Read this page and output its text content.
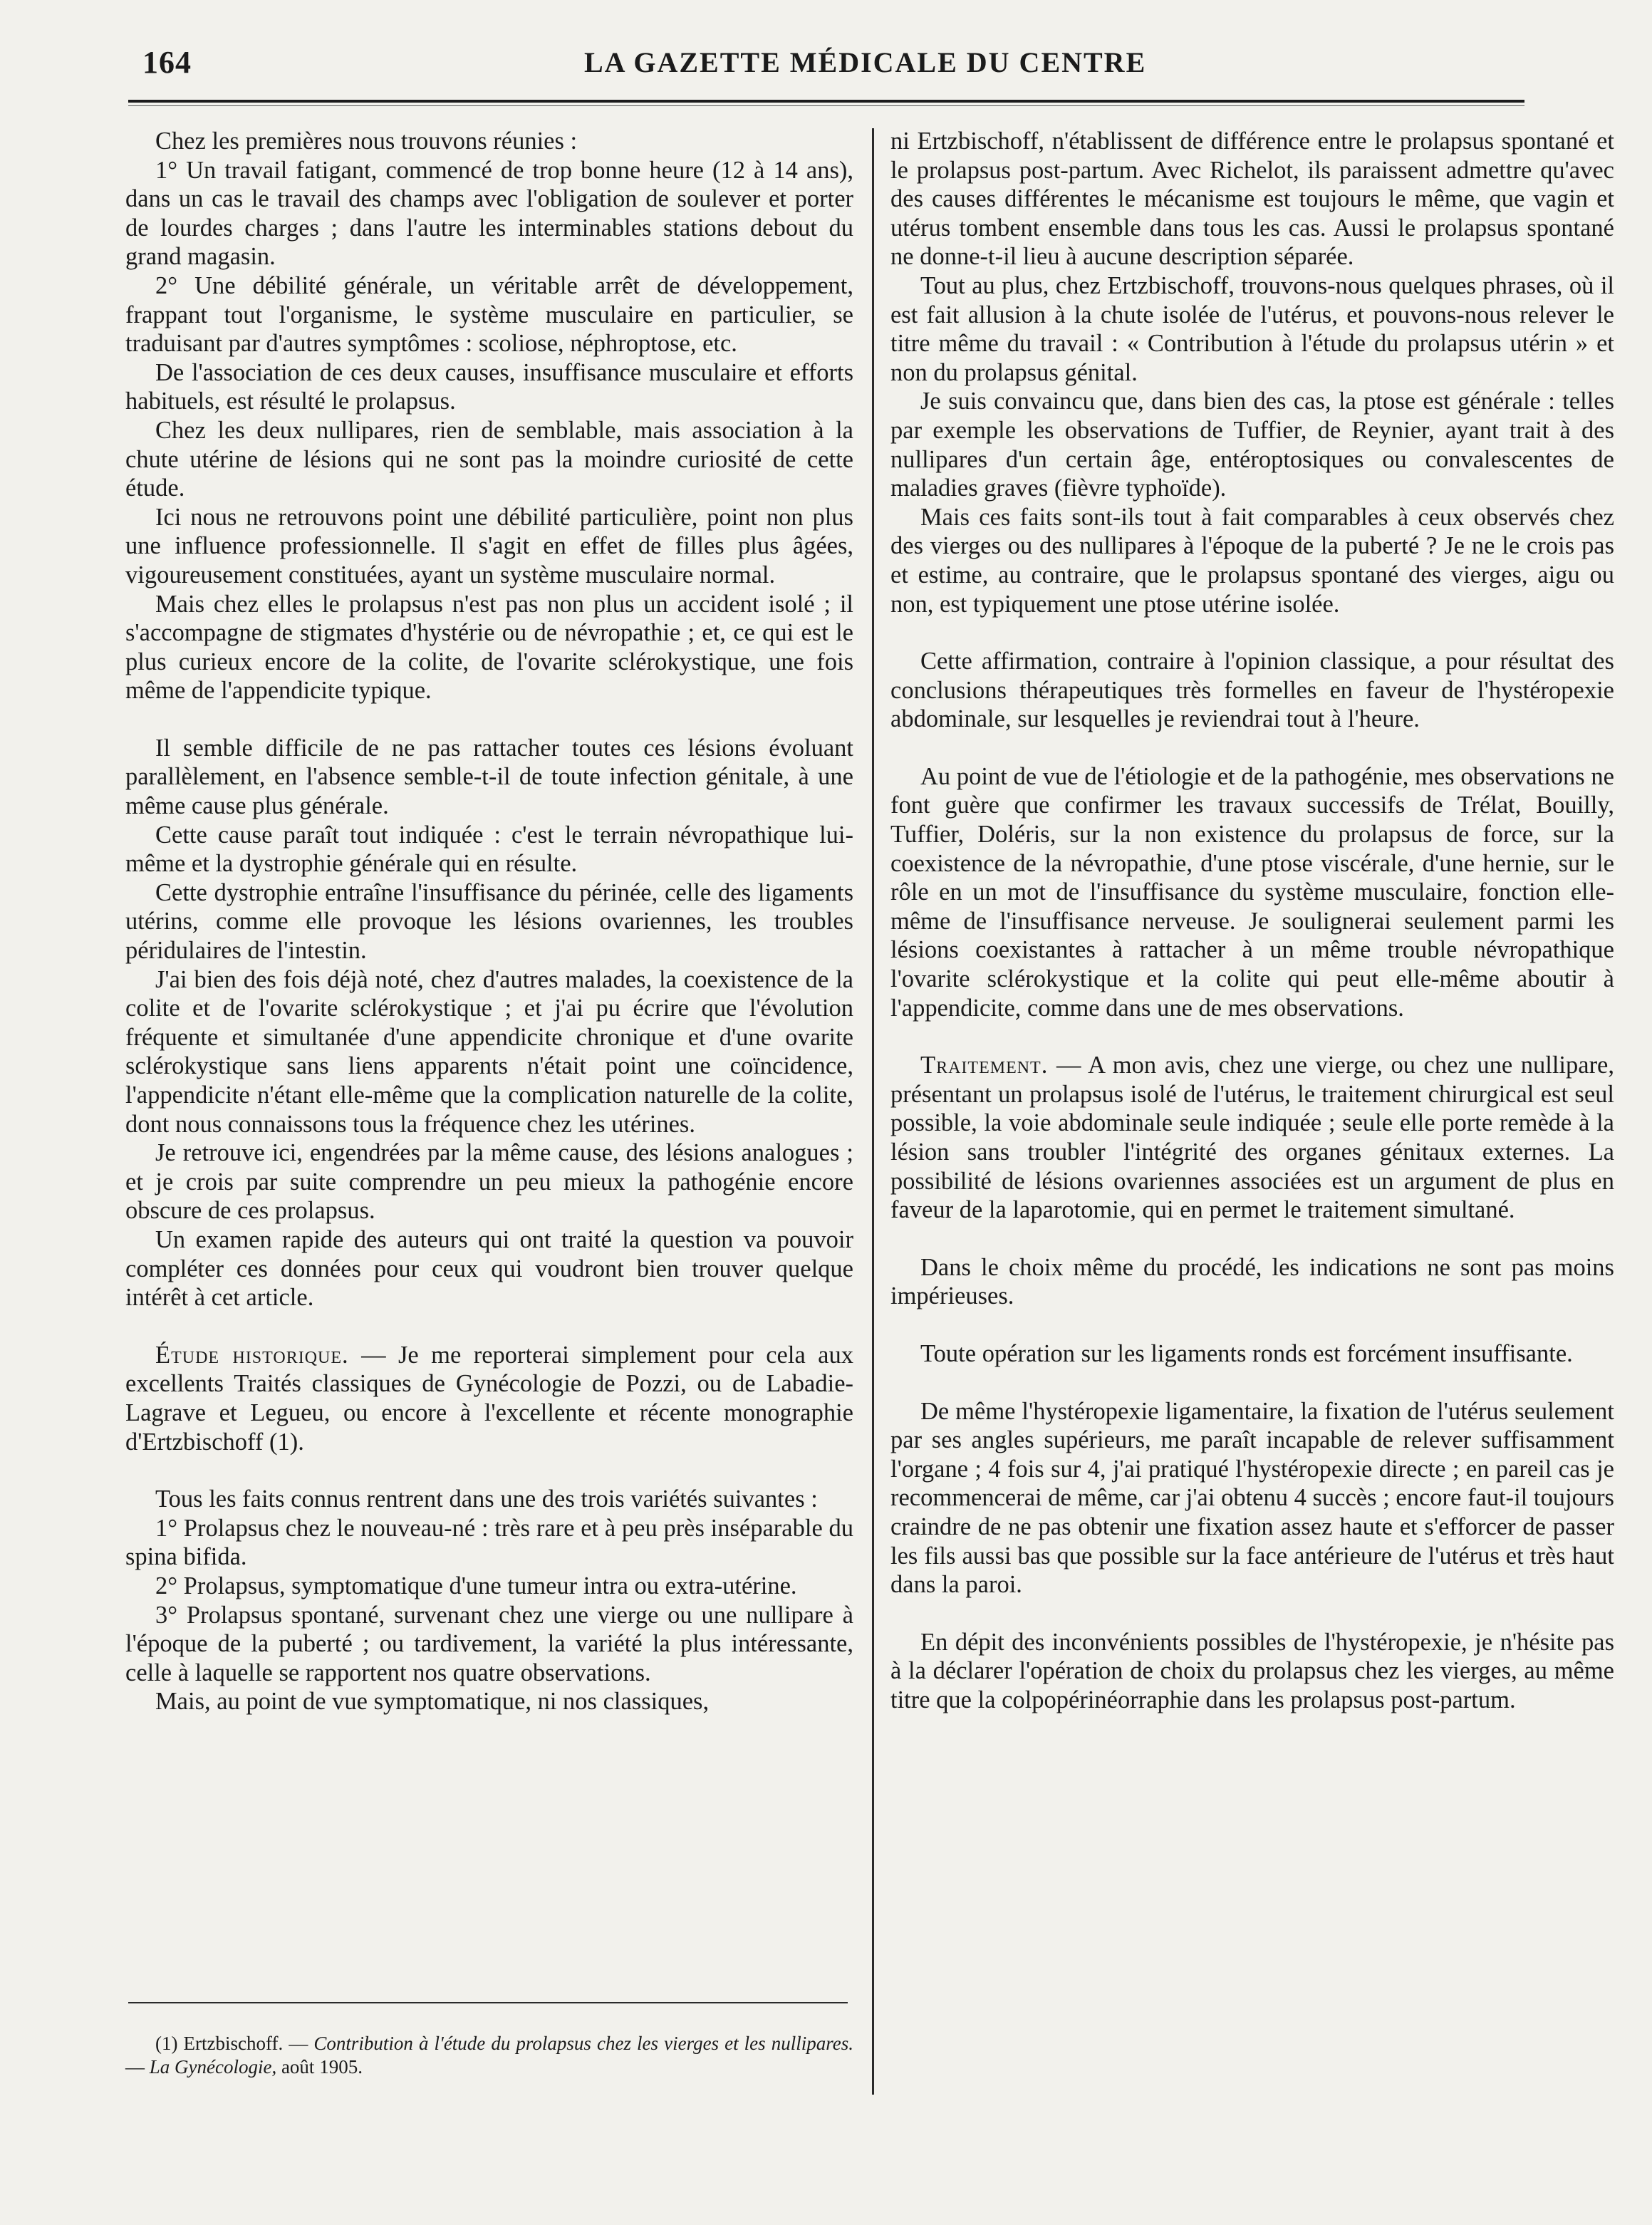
164	LA GAZETTE MÉDICALE DU CENTRE

Chez les premières nous trouvons réunies :

1° Un travail fatigant, commencé de trop bonne heure (12 à 14 ans), dans un cas le travail des champs avec l'obligation de soulever et porter de lourdes charges ; dans l'autre les interminables stations debout du grand magasin.

2° Une débilité générale, un véritable arrêt de développement, frappant tout l'organisme, le système musculaire en particulier, se traduisant par d'autres symptômes : scoliose, néphroptose, etc.

De l'association de ces deux causes, insuffisance musculaire et efforts habituels, est résulté le prolapsus.

Chez les deux nullipares, rien de semblable, mais association à la chute utérine de lésions qui ne sont pas la moindre curiosité de cette étude.

Ici nous ne retrouvons point une débilité particulière, point non plus une influence professionnelle. Il s'agit en effet de filles plus âgées, vigoureusement constituées, ayant un système musculaire normal.

Mais chez elles le prolapsus n'est pas non plus un accident isolé ; il s'accompagne de stigmates d'hystérie ou de névropathie ; et, ce qui est le plus curieux encore de la colite, de l'ovarite sclérokystique, une fois même de l'appendicite typique.

Il semble difficile de ne pas rattacher toutes ces lésions évoluant parallèlement, en l'absence semble-t-il de toute infection génitale, à une même cause plus générale.

Cette cause paraît tout indiquée : c'est le terrain névropathique lui-même et la dystrophie générale qui en résulte.

Cette dystrophie entraîne l'insuffisance du périnée, celle des ligaments utérins, comme elle provoque les lésions ovariennes, les troubles péridulaires de l'intestin.

J'ai bien des fois déjà noté, chez d'autres malades, la coexistence de la colite et de l'ovarite sclérokystique ; et j'ai pu écrire que l'évolution fréquente et simultanée d'une appendicite chronique et d'une ovarite sclérokystique sans liens apparents n'était point une coïncidence, l'appendicite n'étant elle-même que la complication naturelle de la colite, dont nous connaissons tous la fréquence chez les utérines.

Je retrouve ici, engendrées par la même cause, des lésions analogues ; et je crois par suite comprendre un peu mieux la pathogénie encore obscure de ces prolapsus.

Un examen rapide des auteurs qui ont traité la question va pouvoir compléter ces données pour ceux qui voudront bien trouver quelque intérêt à cet article.

Étude historique. — Je me reporterai simplement pour cela aux excellents Traités classiques de Gynécologie de Pozzi, ou de Labadie-Lagrave et Legueu, ou encore à l'excellente et récente monographie d'Ertzbischoff (1).

Tous les faits connus rentrent dans une des trois variétés suivantes :

1° Prolapsus chez le nouveau-né : très rare et à peu près inséparable du spina bifida.

2° Prolapsus, symptomatique d'une tumeur intra ou extra-utérine.

3° Prolapsus spontané, survenant chez une vierge ou une nullipare à l'époque de la puberté ; ou tardivement, la variété la plus intéressante, celle à laquelle se rapportent nos quatre observations.

Mais, au point de vue symptomatique, ni nos classiques,

ni Ertzbischoff, n'établissent de différence entre le prolapsus spontané et le prolapsus post-partum. Avec Richelot, ils paraissent admettre qu'avec des causes différentes le mécanisme est toujours le même, que vagin et utérus tombent ensemble dans tous les cas. Aussi le prolapsus spontané ne donne-t-il lieu à aucune description séparée.

Tout au plus, chez Ertzbischoff, trouvons-nous quelques phrases, où il est fait allusion à la chute isolée de l'utérus, et pouvons-nous relever le titre même du travail : « Contribution à l'étude du prolapsus utérin » et non du prolapsus génital.

Je suis convaincu que, dans bien des cas, la ptose est générale : telles par exemple les observations de Tuffier, de Reynier, ayant trait à des nullipares d'un certain âge, entéroptosiques ou convalescentes de maladies graves (fièvre typhoïde).

Mais ces faits sont-ils tout à fait comparables à ceux observés chez des vierges ou des nullipares à l'époque de la puberté ? Je ne le crois pas et estime, au contraire, que le prolapsus spontané des vierges, aigu ou non, est typiquement une ptose utérine isolée.

Cette affirmation, contraire à l'opinion classique, a pour résultat des conclusions thérapeutiques très formelles en faveur de l'hystéropexie abdominale, sur lesquelles je reviendrai tout à l'heure.

Au point de vue de l'étiologie et de la pathogénie, mes observations ne font guère que confirmer les travaux successifs de Trélat, Bouilly, Tuffier, Doléris, sur la non existence du prolapsus de force, sur la coexistence de la névropathie, d'une ptose viscérale, d'une hernie, sur le rôle en un mot de l'insuffisance du système musculaire, fonction elle-même de l'insuffisance nerveuse. Je soulignerai seulement parmi les lésions coexistantes à rattacher à un même trouble névropathique l'ovarite sclérokystique et la colite qui peut elle-même aboutir à l'appendicite, comme dans une de mes observations.

Traitement. — A mon avis, chez une vierge, ou chez une nullipare, présentant un prolapsus isolé de l'utérus, le traitement chirurgical est seul possible, la voie abdominale seule indiquée ; seule elle porte remède à la lésion sans troubler l'intégrité des organes génitaux externes. La possibilité de lésions ovariennes associées est un argument de plus en faveur de la laparotomie, qui en permet le traitement simultané.

Dans le choix même du procédé, les indications ne sont pas moins impérieuses.

Toute opération sur les ligaments ronds est forcément insuffisante.

De même l'hystéropexie ligamentaire, la fixation de l'utérus seulement par ses angles supérieurs, me paraît incapable de relever suffisamment l'organe ; 4 fois sur 4, j'ai pratiqué l'hystéropexie directe ; en pareil cas je recommencerai de même, car j'ai obtenu 4 succès ; encore faut-il toujours craindre de ne pas obtenir une fixation assez haute et s'efforcer de passer les fils aussi bas que possible sur la face antérieure de l'utérus et très haut dans la paroi.

En dépit des inconvénients possibles de l'hystéropexie, je n'hésite pas à la déclarer l'opération de choix du prolapsus chez les vierges, au même titre que la colpopérinéorraphie dans les prolapsus post-partum.

(1) Ertzbischoff. — Contribution à l'étude du prolapsus chez les vierges et les nullipares. — La Gynécologie, août 1905.
